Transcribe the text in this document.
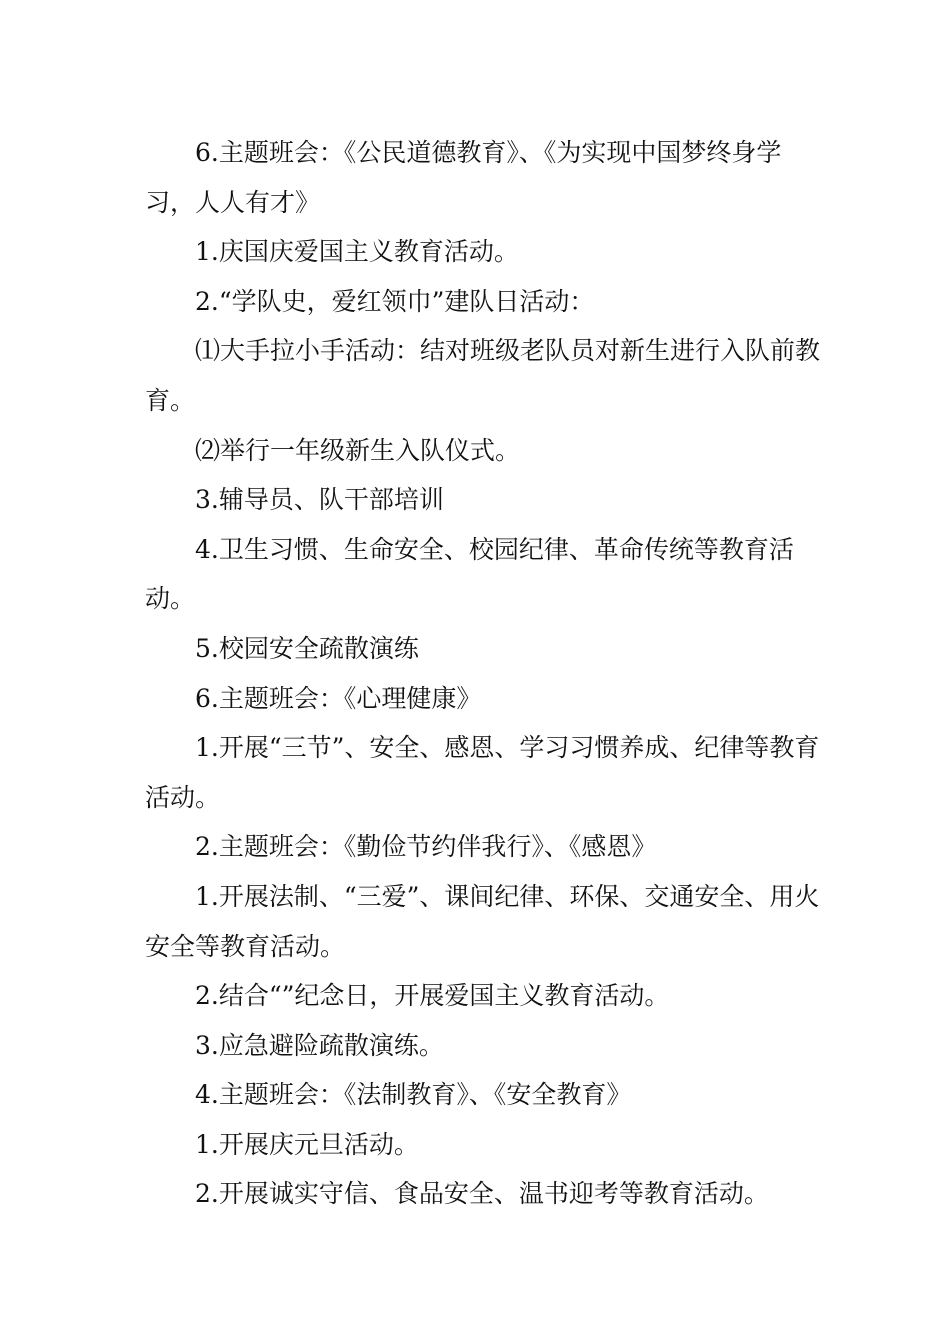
6.主题班会：《公民道德教育》、《为实现中国梦终身学习，人人有才》

1.庆国庆爱国主义教育活动。

2.“学队史，爱红领巾”建队日活动：

⑴大手拉小手活动：结对班级老队员对新生进行入队前教育。

⑵举行一年级新生入队仪式。

3.辅导员、队干部培训

4.卫生习惯、生命安全、校园纪律、革命传统等教育活动。

5.校园安全疏散演练

6.主题班会：《心理健康》

1.开展“三节”、安全、感恩、学习习惯养成、纪律等教育活动。

2.主题班会：《勤俭节约伴我行》、《感恩》

1.开展法制、“三爱”、课间纪律、环保、交通安全、用火安全等教育活动。

2.结合“”纪念日，开展爱国主义教育活动。

3.应急避险疏散演练。

4.主题班会：《法制教育》、《安全教育》

1.开展庆元旦活动。

2.开展诚实守信、食品安全、温书迎考等教育活动。
